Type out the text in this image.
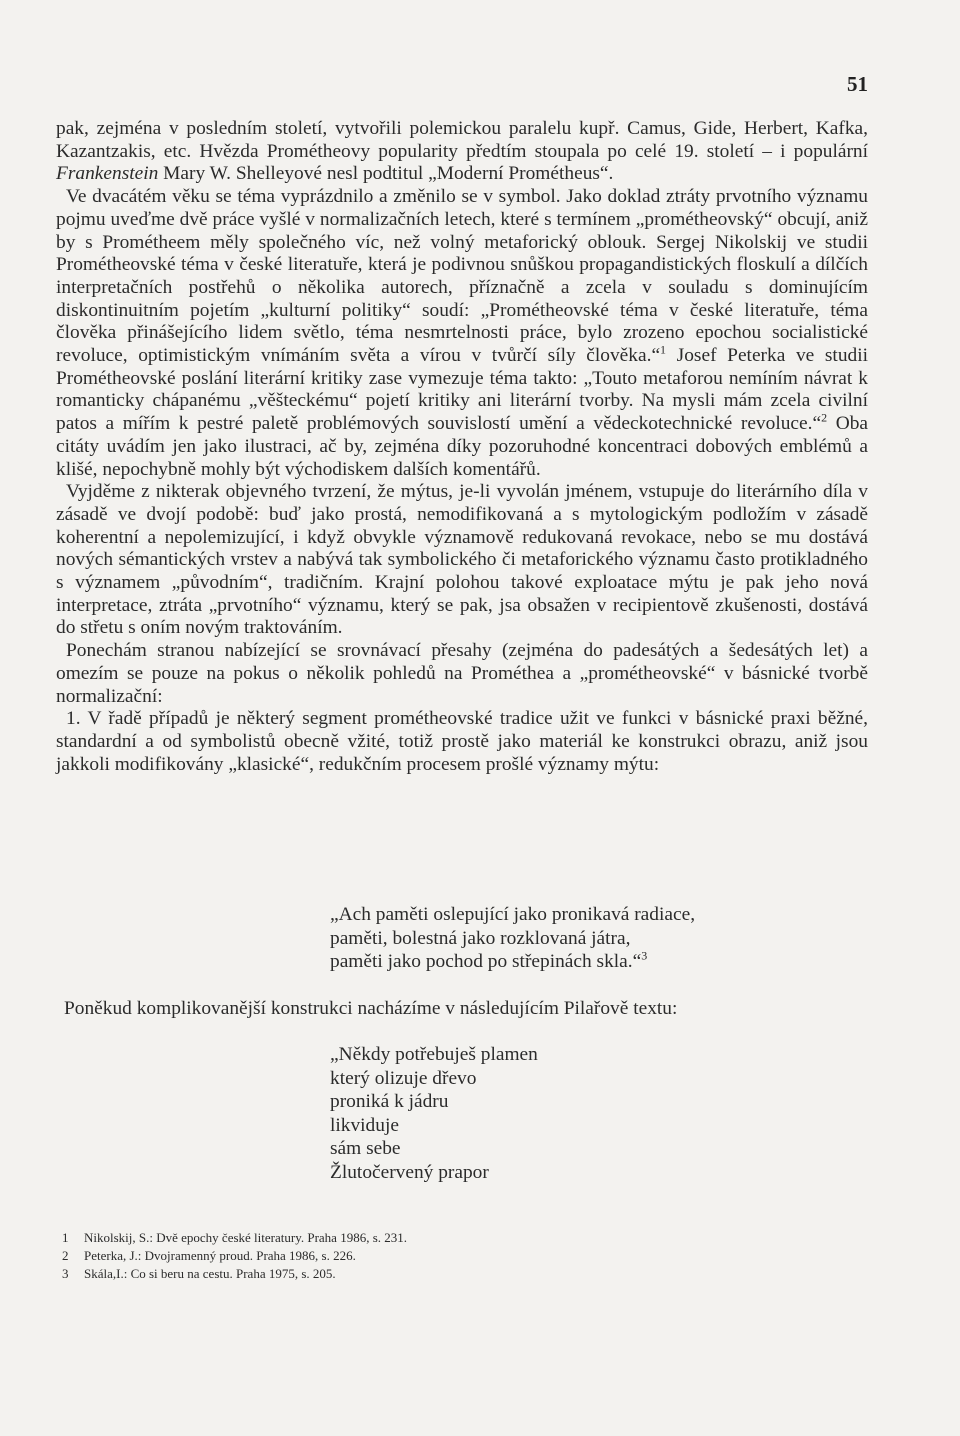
51

pak, zejména v posledním století, vytvořili polemickou paralelu kupř. Camus, Gide, Herbert, Kafka, Kazantzakis, etc. Hvězda Prométheovy popularity předtím stoupala po celé 19. století – i populární Frankenstein Mary W. Shelleyové nesl podtitul „Moderní Prométheus“.

Ve dvacátém věku se téma vyprázdnilo a změnilo se v symbol. Jako doklad ztráty prvotního významu pojmu uveďme dvě práce vyšlé v normalizačních letech, které s termínem „prométheovský“ obcují, aniž by s Prométheem měly společného víc, než volný metaforický oblouk. Sergej Nikolskij ve studii Prométheovské téma v české literatuře, která je podivnou snůškou propagandistických floskulí a dílčích interpretačních postřehů o několika autorech, příznačně a zcela v souladu s dominujícím diskontinuitním pojetím „kulturní politiky“ soudí: „Prométheovské téma v české literatuře, téma člověka přinášejícího lidem světlo, téma nesmrtelnosti práce, bylo zrozeno epochou socialistické revoluce, optimistickým vnímáním světa a vírou v tvůrčí síly člověka.“$^1$ Josef Peterka ve studii Prométheovské poslání literární kritiky zase vymezuje téma takto: „Touto metaforou nemíním návrat k romanticky chápanému „věšteckému“ pojetí kritiky ani literární tvorby. Na mysli mám zcela civilní patos a mířím k pestré paletě problémových souvislostí umění a vědeckotechnické revoluce.“$^2$ Oba citáty uvádím jen jako ilustraci, ač by, zejména díky pozoruhodné koncentraci dobových emblémů a klišé, nepochybně mohly být východiskem dalších komentářů.

Vyjděme z nikterak objevného tvrzení, že mýtus, je-li vyvolán jménem, vstupuje do literárního díla v zásadě ve dvojí podobě: buď jako prostá, nemodifikovaná a s mytologickým podložím v zásadě koherentní a nepolemizující, i když obvykle významově redukovaná revokace, nebo se mu dostává nových sémantických vrstev a nabývá tak symbolického či metaforického významu často protikladného s významem „původním“, tradičním. Krajní polohou takové exploatace mýtu je pak jeho nová interpretace, ztráta „prvotního“ významu, který se pak, jsa obsažen v recipientově zkušenosti, dostává do střetu s oním novým traktováním.

Ponechám stranou nabízející se srovnávací přesahy (zejména do padesátých a šedesátých let) a omezím se pouze na pokus o několik pohledů na Prométhea a „prométheovské“ v básnické tvorbě normalizační:

1. V řadě případů je některý segment prométheovské tradice užit ve funkci v básnické praxi běžné, standardní a od symbolistů obecně vžité, totiž prostě jako materiál ke konstrukci obrazu, aniž jsou jakkoli modifikovány „klasické“, redukčním procesem prošlé významy mýtu:

„Ach paměti oslepující jako pronikavá radiace,
paměti, bolestná jako rozklovaná játra,
paměti jako pochod po střepinách skla.“$^3$
Poněkud komplikovanější konstrukci nacházíme v následujícím Pilařově textu:
„Někdy potřebuješ plamen
který olizuje dřevo
proniká k jádru
likviduje
sám sebe
Žlutočervený prapor
1 Nikolskij, S.: Dvě epochy české literatury. Praha 1986, s. 231.
2 Peterka, J.: Dvojramenný proud. Praha 1986, s. 226.
3 Skála,I.: Co si beru na cestu. Praha 1975, s. 205.
